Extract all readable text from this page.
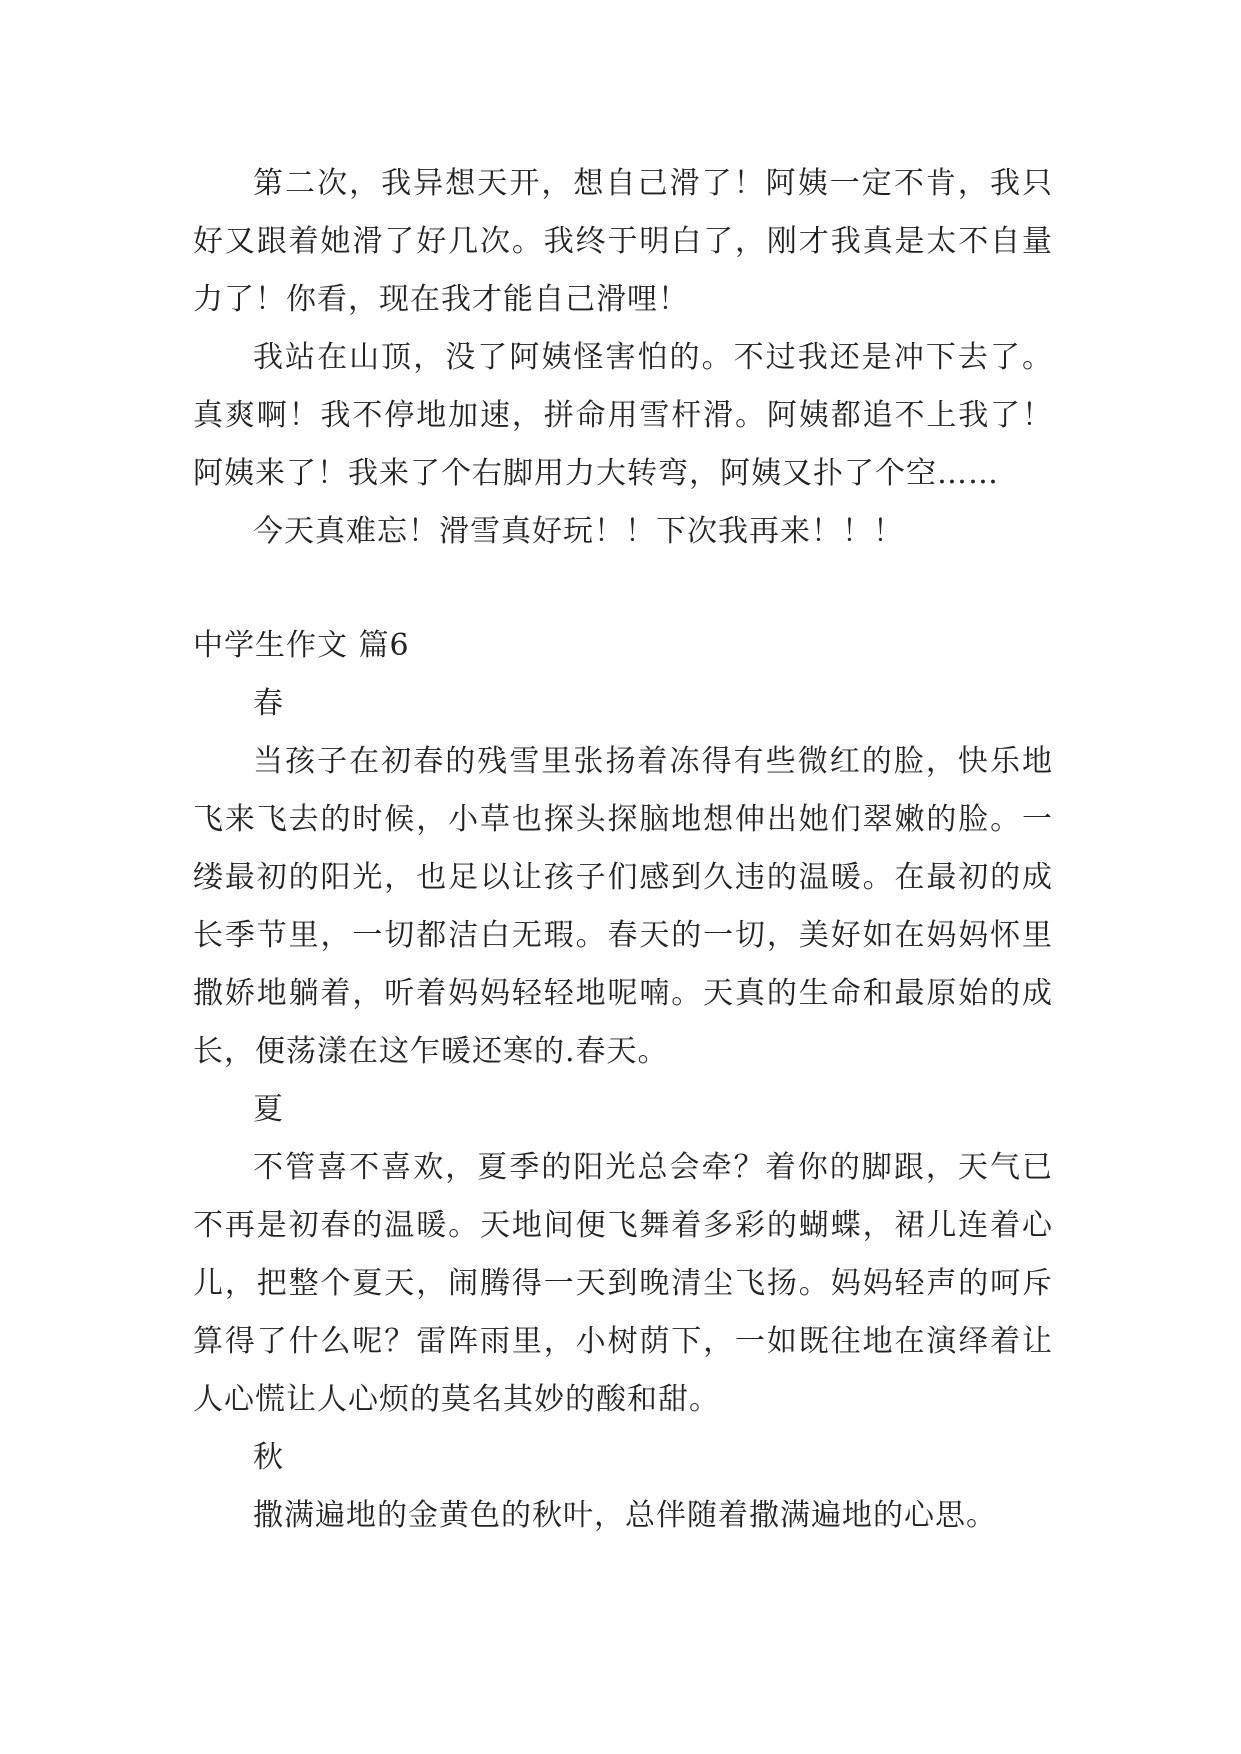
第二次，我异想天开，想自己滑了！阿姨一定不肯，我只好又跟着她滑了好几次。我终于明白了，刚才我真是太不自量力了！你看，现在我才能自己滑哩！

我站在山顶，没了阿姨怪害怕的。不过我还是冲下去了。真爽啊！我不停地加速，拼命用雪杆滑。阿姨都追不上我了！阿姨来了！我来了个右脚用力大转弯，阿姨又扑了个空……

今天真难忘！滑雪真好玩！！下次我再来！！！

中学生作文 篇6

春

当孩子在初春的残雪里张扬着冻得有些微红的脸，快乐地飞来飞去的时候，小草也探头探脑地想伸出她们翠嫩的脸。一缕最初的阳光，也足以让孩子们感到久违的温暖。在最初的成长季节里，一切都洁白无瑕。春天的一切，美好如在妈妈怀里撒娇地躺着，听着妈妈轻轻地呢喃。天真的生命和最原始的成长，便荡漾在这乍暖还寒的.春天。

夏

不管喜不喜欢，夏季的阳光总会牵？着你的脚跟，天气已不再是初春的温暖。天地间便飞舞着多彩的蝴蝶，裙儿连着心儿，把整个夏天，闹腾得一天到晚清尘飞扬。妈妈轻声的呵斥算得了什么呢？雷阵雨里，小树荫下，一如既往地在演绎着让人心慌让人心烦的莫名其妙的酸和甜。

秋

撒满遍地的金黄色的秋叶，总伴随着撒满遍地的心思。
